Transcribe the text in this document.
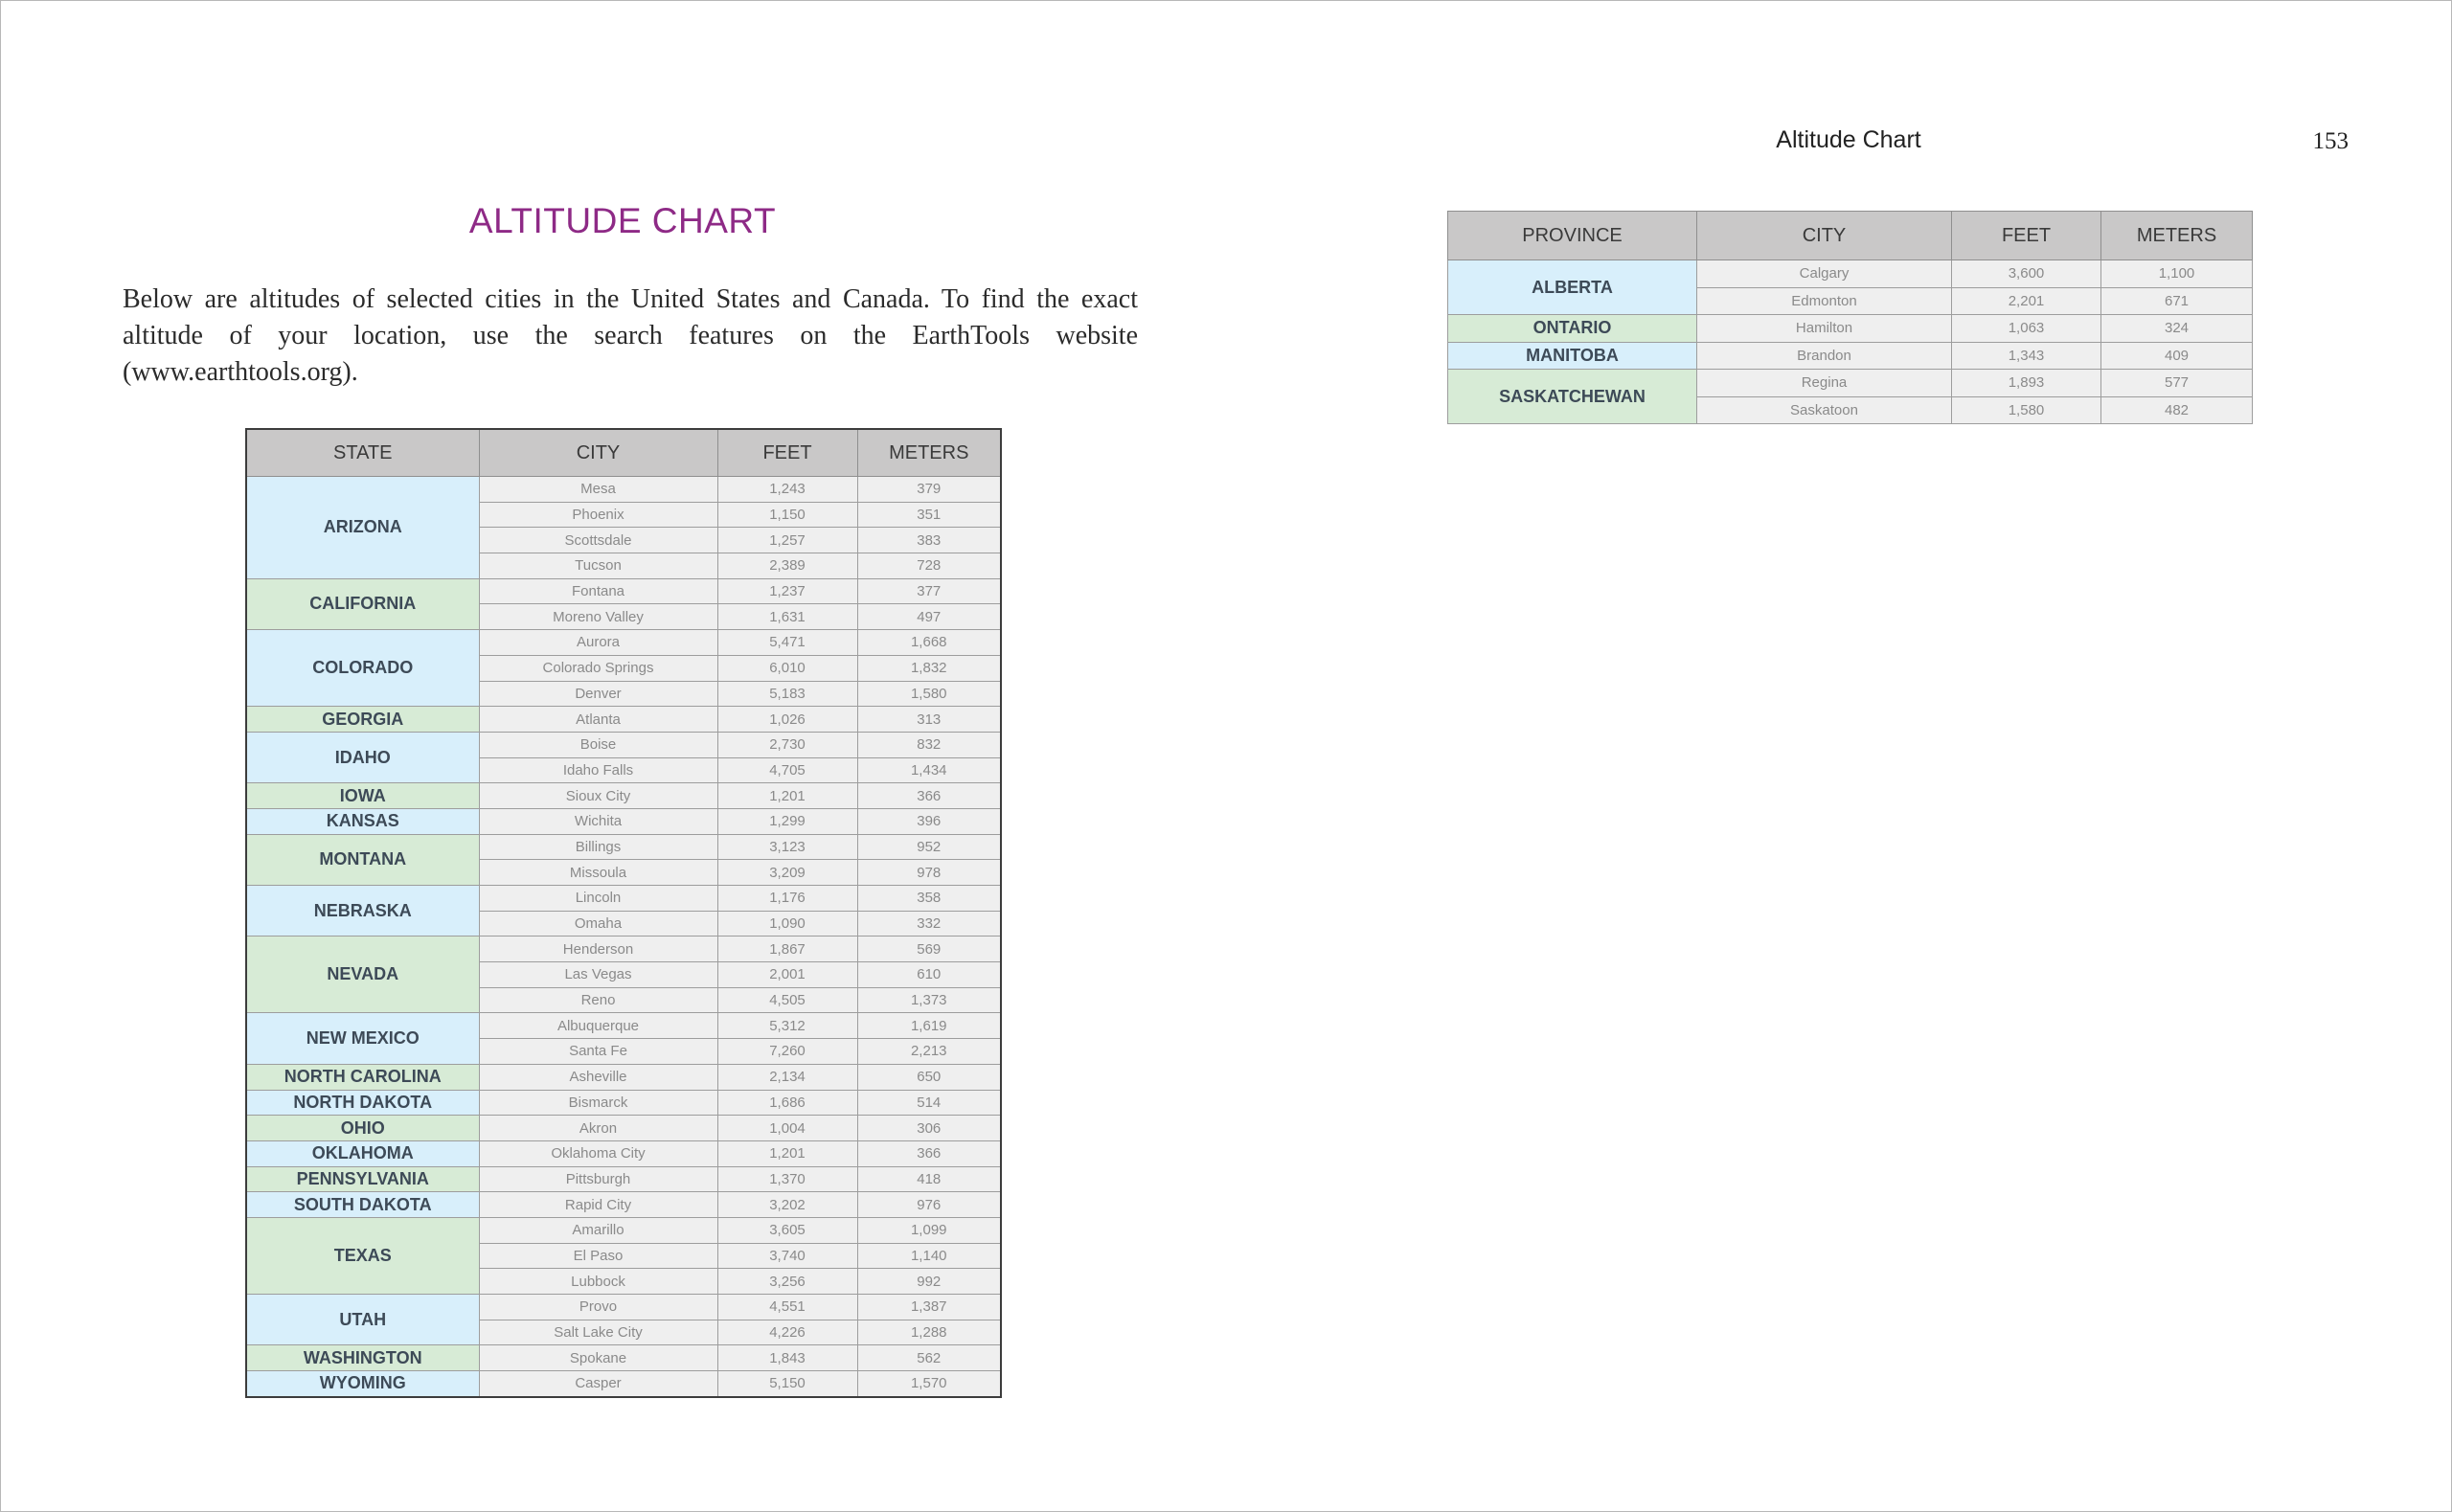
Altitude Chart	153
ALTITUDE CHART
Below are altitudes of selected cities in the United States and Canada. To find the exact altitude of your location, use the search features on the EarthTools website (www.earthtools.org).
STATE	CITY	FEET	METERS
ARIZONA	Mesa	1,243	379
	Phoenix	1,150	351
	Scottsdale	1,257	383
	Tucson	2,389	728
CALIFORNIA	Fontana	1,237	377
	Moreno Valley	1,631	497
COLORADO	Aurora	5,471	1,668
	Colorado Springs	6,010	1,832
	Denver	5,183	1,580
GEORGIA	Atlanta	1,026	313
IDAHO	Boise	2,730	832
	Idaho Falls	4,705	1,434
IOWA	Sioux City	1,201	366
KANSAS	Wichita	1,299	396
MONTANA	Billings	3,123	952
	Missoula	3,209	978
NEBRASKA	Lincoln	1,176	358
	Omaha	1,090	332
NEVADA	Henderson	1,867	569
	Las Vegas	2,001	610
	Reno	4,505	1,373
NEW MEXICO	Albuquerque	5,312	1,619
	Santa Fe	7,260	2,213
NORTH CAROLINA	Asheville	2,134	650
NORTH DAKOTA	Bismarck	1,686	514
OHIO	Akron	1,004	306
OKLAHOMA	Oklahoma City	1,201	366
PENNSYLVANIA	Pittsburgh	1,370	418
SOUTH DAKOTA	Rapid City	3,202	976
TEXAS	Amarillo	3,605	1,099
	El Paso	3,740	1,140
	Lubbock	3,256	992
UTAH	Provo	4,551	1,387
	Salt Lake City	4,226	1,288
WASHINGTON	Spokane	1,843	562
WYOMING	Casper	5,150	1,570
PROVINCE	CITY	FEET	METERS
ALBERTA	Calgary	3,600	1,100
	Edmonton	2,201	671
ONTARIO	Hamilton	1,063	324
MANITOBA	Brandon	1,343	409
SASKATCHEWAN	Regina	1,893	577
	Saskatoon	1,580	482
